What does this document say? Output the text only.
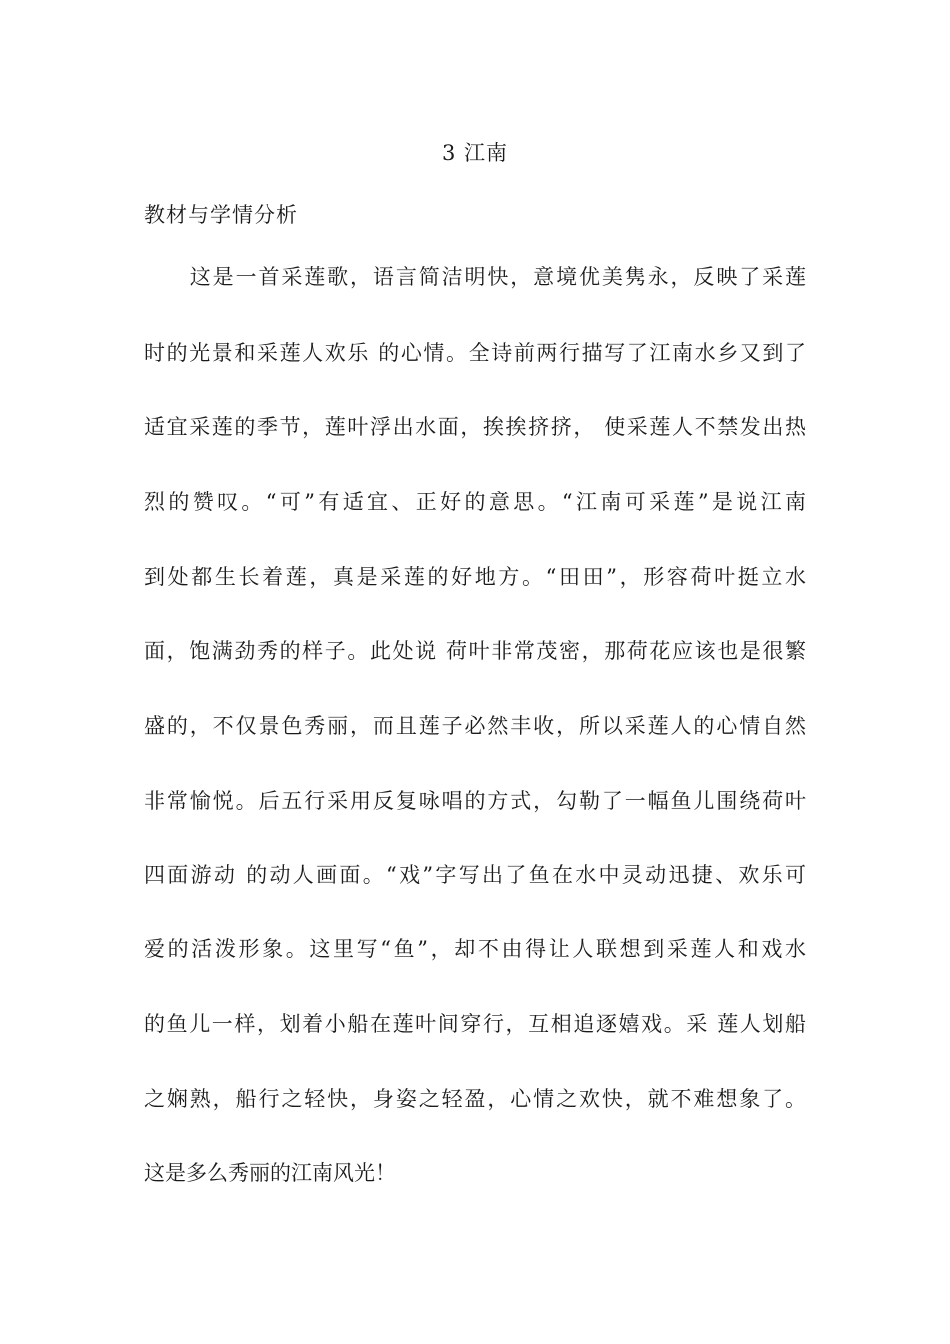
3 江南
教材与学情分析
　　这是一首采莲歌，语言简洁明快，意境优美隽永，反映了采莲
时的光景和采莲人欢乐 的心情。全诗前两行描写了江南水乡又到了
适宜采莲的季节，莲叶浮出水面，挨挨挤挤， 使采莲人不禁发出热
烈的赞叹。“可”有适宜、正好的意思。“江南可采莲”是说江南
到处都生长着莲，真是采莲的好地方。“田田”，形容荷叶挺立水
面，饱满劲秀的样子。此处说 荷叶非常茂密，那荷花应该也是很繁
盛的，不仅景色秀丽，而且莲子必然丰收，所以采莲人的心情自然
非常愉悦。后五行采用反复咏唱的方式，勾勒了一幅鱼儿围绕荷叶
四面游动 的动人画面。“戏”字写出了鱼在水中灵动迅捷、欢乐可
爱的活泼形象。这里写“鱼”，却不由得让人联想到采莲人和戏水
的鱼儿一样，划着小船在莲叶间穿行，互相追逐嬉戏。采 莲人划船
之娴熟，船行之轻快，身姿之轻盈，心情之欢快，就不难想象了。
这是多么秀丽的江南风光！
